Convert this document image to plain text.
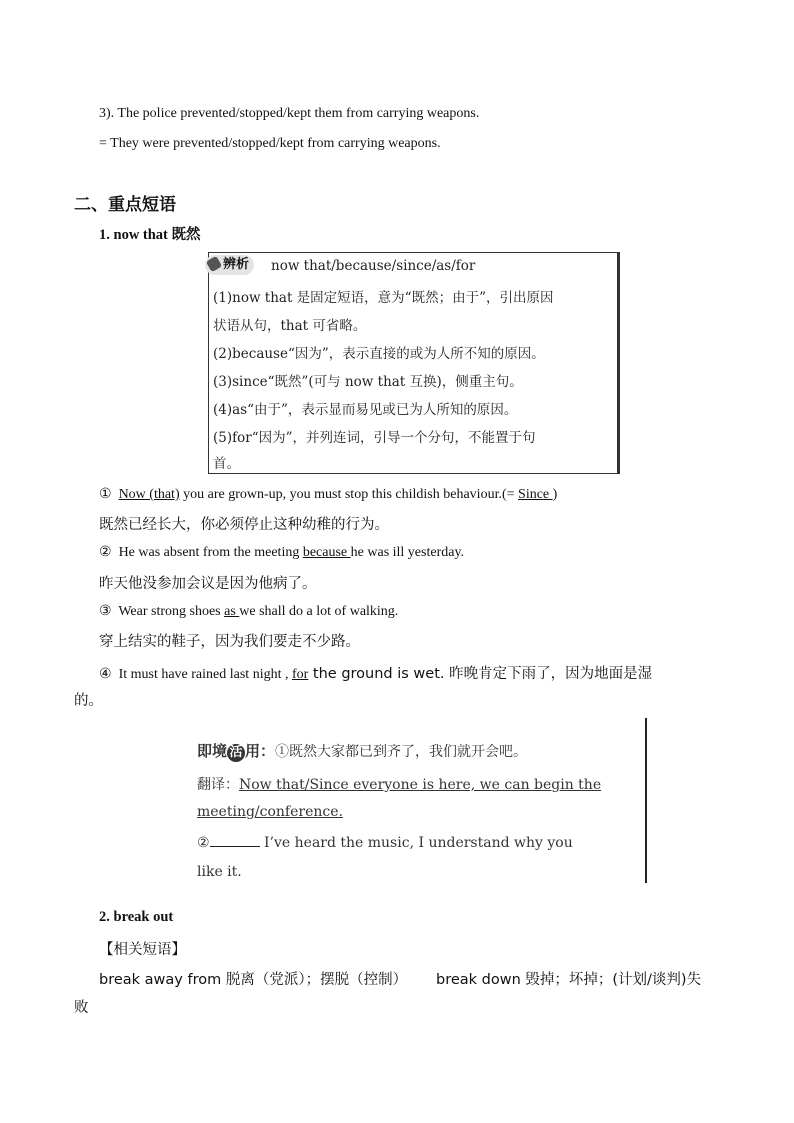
3). The police prevented/stopped/kept them from carrying weapons.
= They were prevented/stopped/kept from carrying weapons.
二、重点短语
1. now that 既然
辨析	now that/because/since/as/for
(1)now that 是固定短语，意为“既然；由于”，引出原因
状语从句，that 可省略。
(2)because“因为”，表示直接的或为人所不知的原因。
(3)since“既然”(可与 now that 互换)，侧重主句。
(4)as“由于”，表示显而易见或已为人所知的原因。
(5)for“因为”，并列连词，引导一个分句，不能置于句
首。
① Now (that) you are grown-up, you must stop this childish behaviour.(= Since )
既然已经长大，你必须停止这种幼稚的行为。
② He was absent from the meeting because he was ill yesterday.
昨天他没参加会议是因为他病了。
③ Wear strong shoes as we shall do a lot of walking.
穿上结实的鞋子，因为我们要走不少路。
④ It must have rained last night , for the ground is wet. 昨晚肯定下雨了，因为地面是湿
的。
即境 活 用：①既然大家都已到齐了，我们就开会吧。
翻译：Now that/Since everyone is here, we can begin the
meeting/conference.
②	I’ve heard the music, I understand why you
like it.
2. break out
【相关短语】
break away from 脱离（党派）；摆脱（控制） break down 毁掉；坏掉；(计划/谈判)失
败
